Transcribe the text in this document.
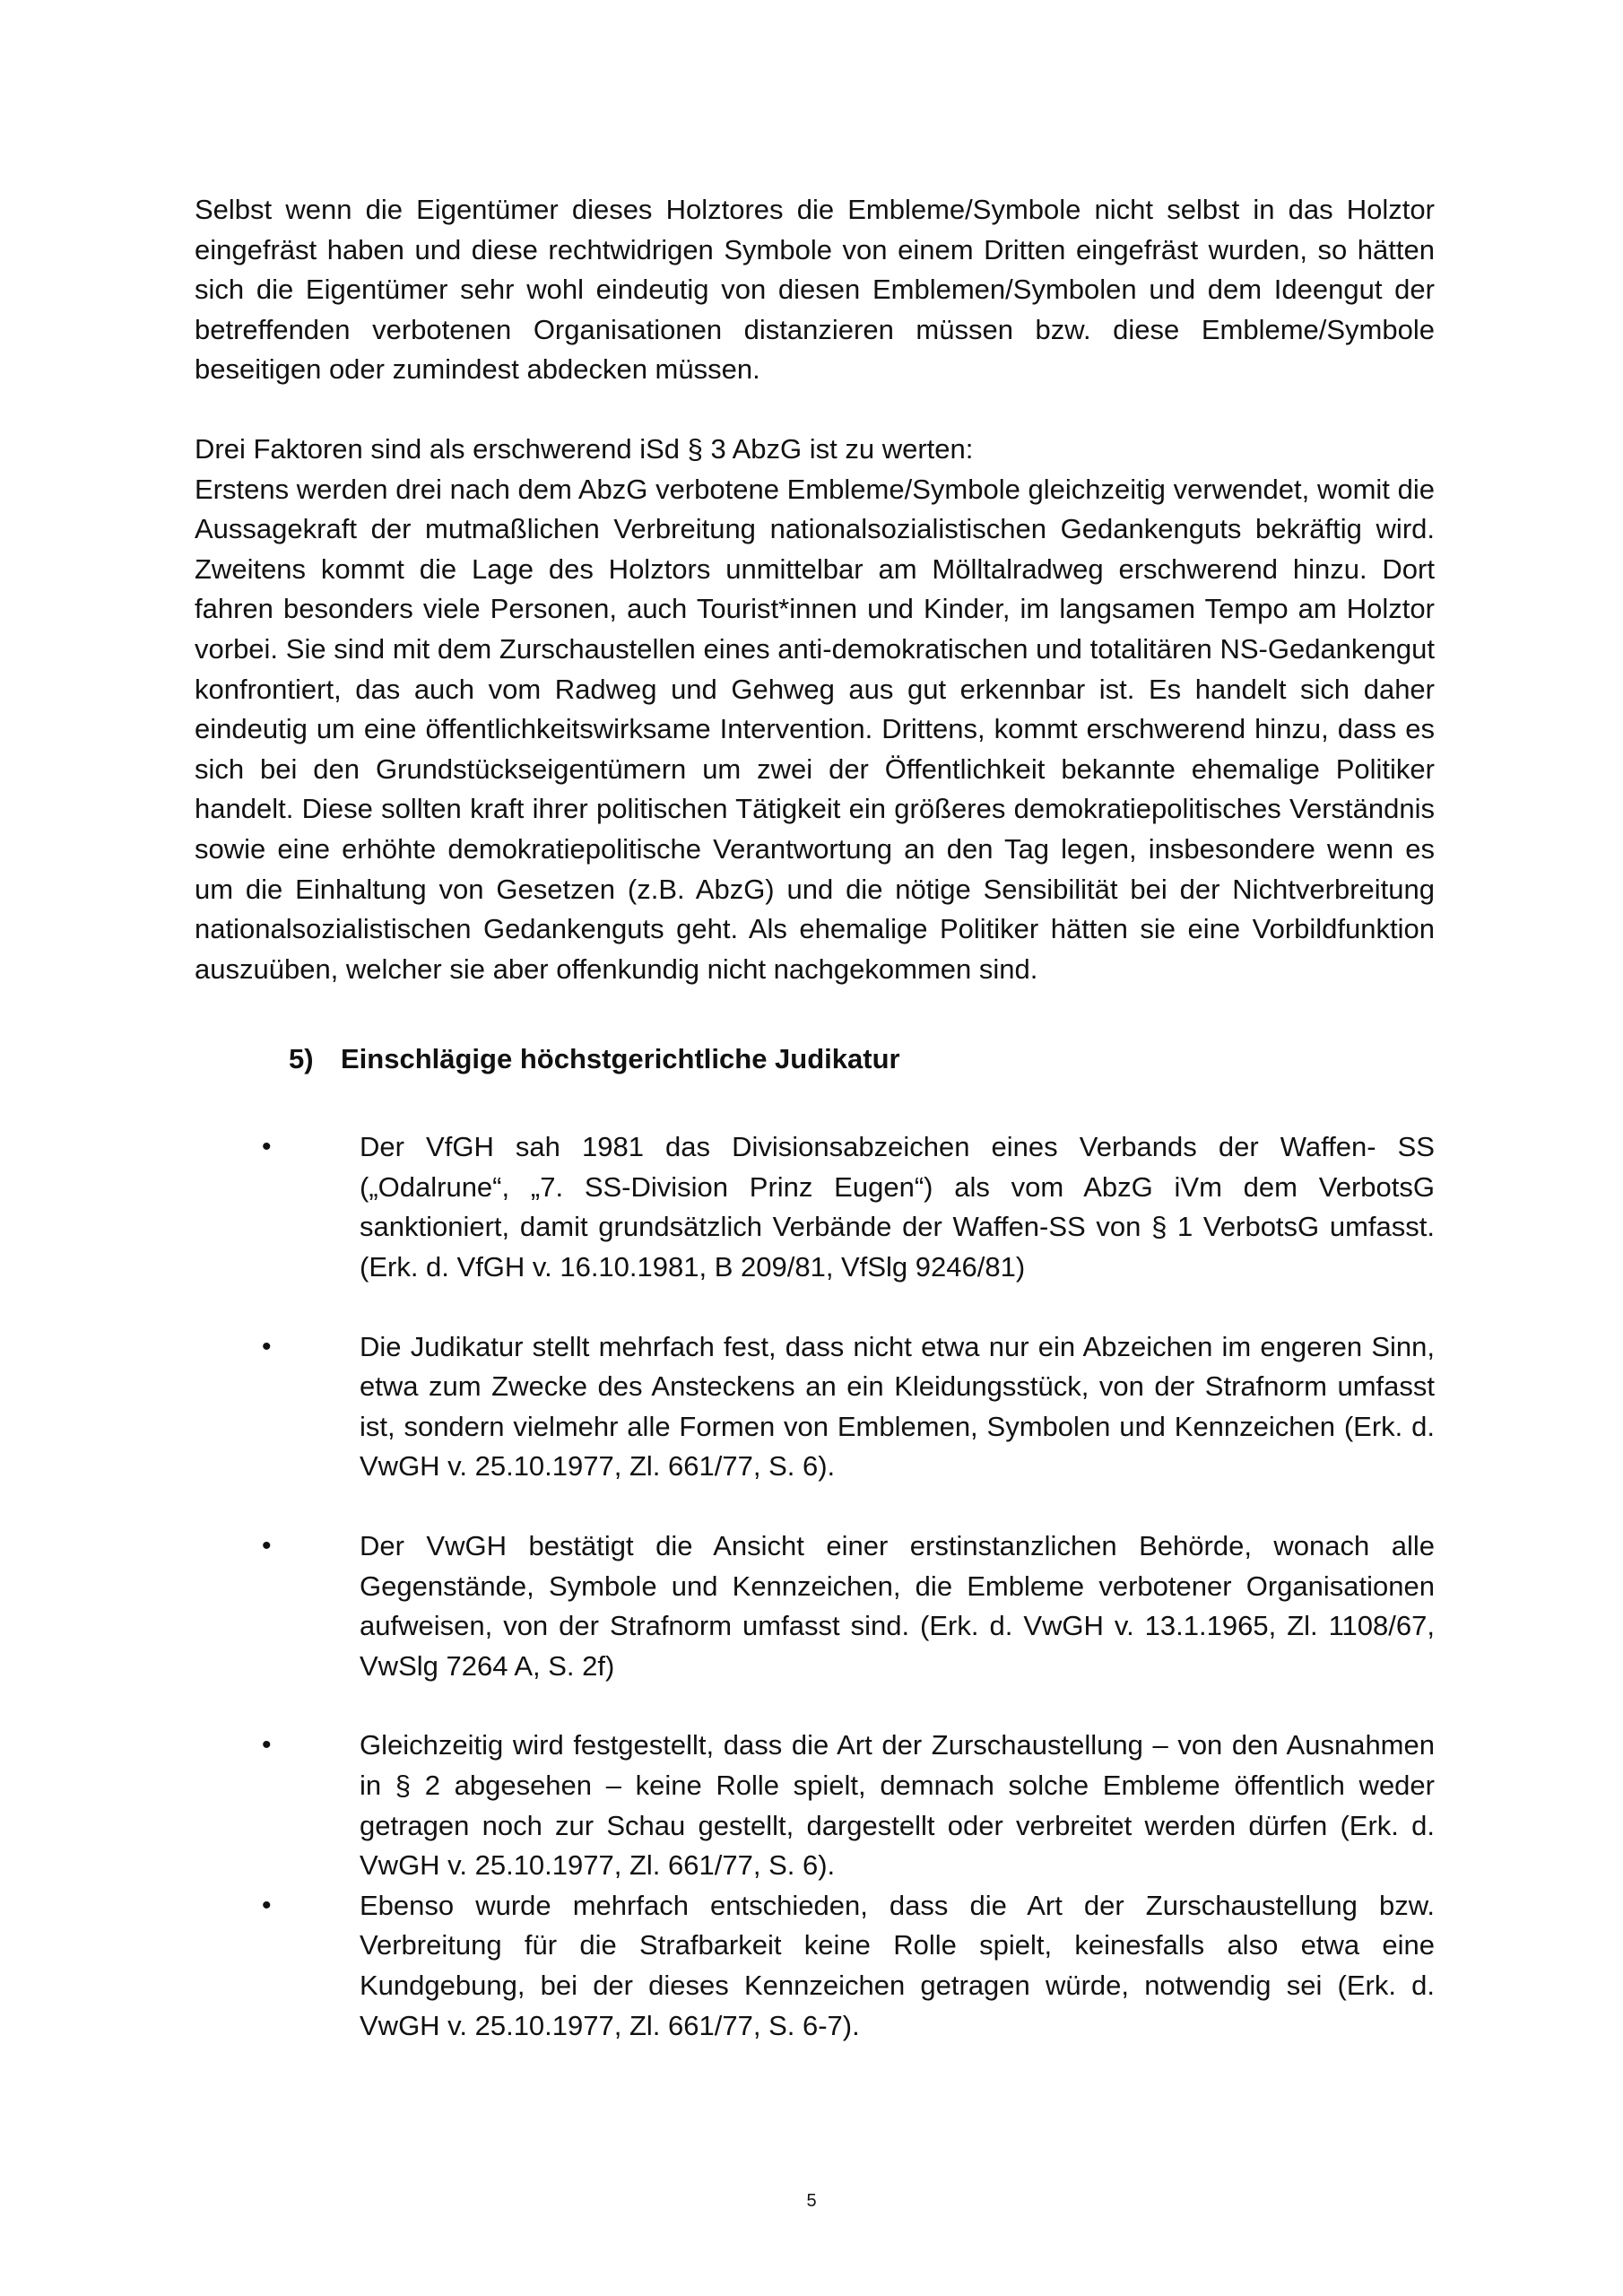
Selbst wenn die Eigentümer dieses Holztores die Embleme/Symbole nicht selbst in das Holztor eingefräst haben und diese rechtwidrigen Symbole von einem Dritten eingefräst wurden, so hätten sich die Eigentümer sehr wohl eindeutig von diesen Emblemen/Symbolen und dem Ideengut der betreffenden verbotenen Organisationen distanzieren müssen bzw. diese Embleme/Symbole beseitigen oder zumindest abdecken müssen.

Drei Faktoren sind als erschwerend iSd § 3 AbzG ist zu werten:

Erstens werden drei nach dem AbzG verbotene Embleme/Symbole gleichzeitig verwendet, womit die Aussagekraft der mutmaßlichen Verbreitung nationalsozialistischen Gedankenguts bekräftig wird. Zweitens kommt die Lage des Holztors unmittelbar am Mölltalradweg erschwerend hinzu. Dort fahren besonders viele Personen, auch Tourist*innen und Kinder, im langsamen Tempo am Holztor vorbei. Sie sind mit dem Zurschaustellen eines anti-demokratischen und totalitären NS-Gedankengut konfrontiert, das auch vom Radweg und Gehweg aus gut erkennbar ist. Es handelt sich daher eindeutig um eine öffentlichkeitswirksame Intervention. Drittens, kommt erschwerend hinzu, dass es sich bei den Grundstückseigentümern um zwei der Öffentlichkeit bekannte ehemalige Politiker handelt. Diese sollten kraft ihrer politischen Tätigkeit ein größeres demokratiepolitisches Verständnis sowie eine erhöhte demokratiepolitische Verantwortung an den Tag legen, insbesondere wenn es um die Einhaltung von Gesetzen (z.B. AbzG) und die nötige Sensibilität bei der Nichtverbreitung nationalsozialistischen Gedankenguts geht. Als ehemalige Politiker hätten sie eine Vorbildfunktion auszuüben, welcher sie aber offenkundig nicht nachgekommen sind.

5) Einschlägige höchstgerichtliche Judikatur
•	Der VfGH sah 1981 das Divisionsabzeichen eines Verbands der Waffen- SS („Odalrune“, „7. SS-Division Prinz Eugen“) als vom AbzG iVm dem VerbotsG sanktioniert, damit grundsätzlich Verbände der Waffen-SS von § 1 VerbotsG umfasst. (Erk. d. VfGH v. 16.10.1981, B 209/81, VfSlg 9246/81)
•	Die Judikatur stellt mehrfach fest, dass nicht etwa nur ein Abzeichen im engeren Sinn, etwa zum Zwecke des Ansteckens an ein Kleidungsstück, von der Strafnorm umfasst ist, sondern vielmehr alle Formen von Emblemen, Symbolen und Kennzeichen (Erk. d. VwGH v. 25.10.1977, Zl. 661/77, S. 6).
•	Der VwGH bestätigt die Ansicht einer erstinstanzlichen Behörde, wonach alle Gegenstände, Symbole und Kennzeichen, die Embleme verbotener Organisationen aufweisen, von der Strafnorm umfasst sind. (Erk. d. VwGH v. 13.1.1965, Zl. 1108/67, VwSlg 7264 A, S. 2f)
•	Gleichzeitig wird festgestellt, dass die Art der Zurschaustellung – von den Ausnahmen in § 2 abgesehen – keine Rolle spielt, demnach solche Embleme öffentlich weder getragen noch zur Schau gestellt, dargestellt oder verbreitet werden dürfen (Erk. d. VwGH v. 25.10.1977, Zl. 661/77, S. 6).
•	Ebenso wurde mehrfach entschieden, dass die Art der Zurschaustellung bzw. Verbreitung für die Strafbarkeit keine Rolle spielt, keinesfalls also etwa eine Kundgebung, bei der dieses Kennzeichen getragen würde, notwendig sei (Erk. d. VwGH v. 25.10.1977, Zl. 661/77, S. 6-7).
5
